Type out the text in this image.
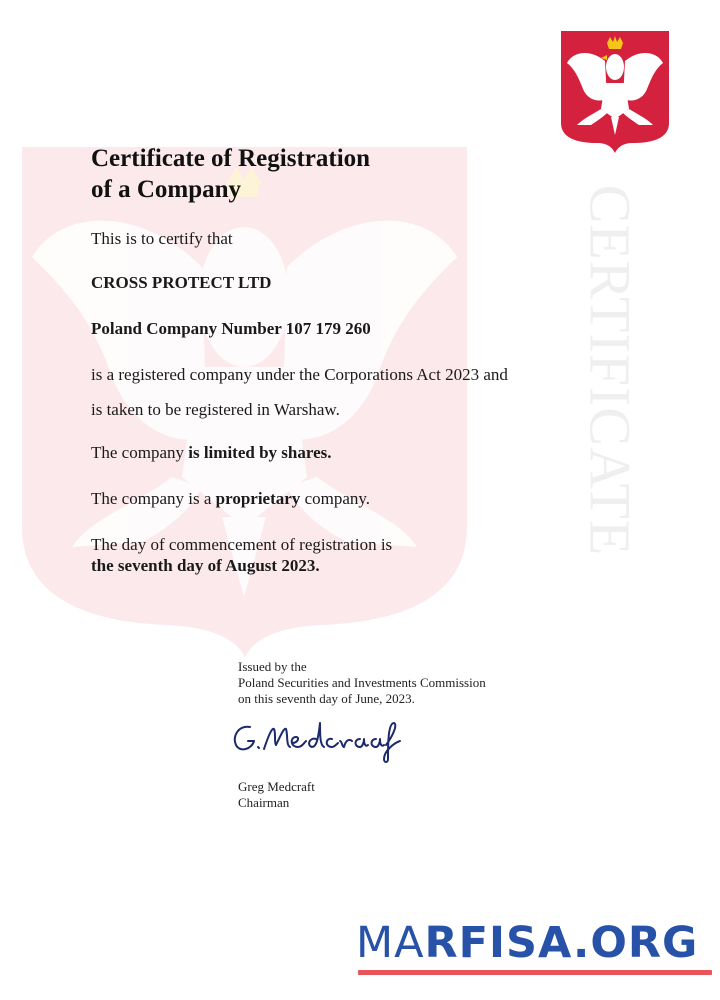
CERTIFICATE
Certificate of Registration
of a Company
This is to certify that
CROSS PROTECT LTD
Poland Company Number 107 179 260
is a registered company under the Corporations Act 2023 and
is taken to be registered in Warshaw.
The company is limited by shares.
The company is a proprietary company.
The day of commencement of registration is
the seventh day of August 2023.
Issued by the
Poland Securities and Investments Commission
on this seventh day of June, 2023.
G.Medcraaf
Greg Medcraft
Chairman
MARFISA.ORG
